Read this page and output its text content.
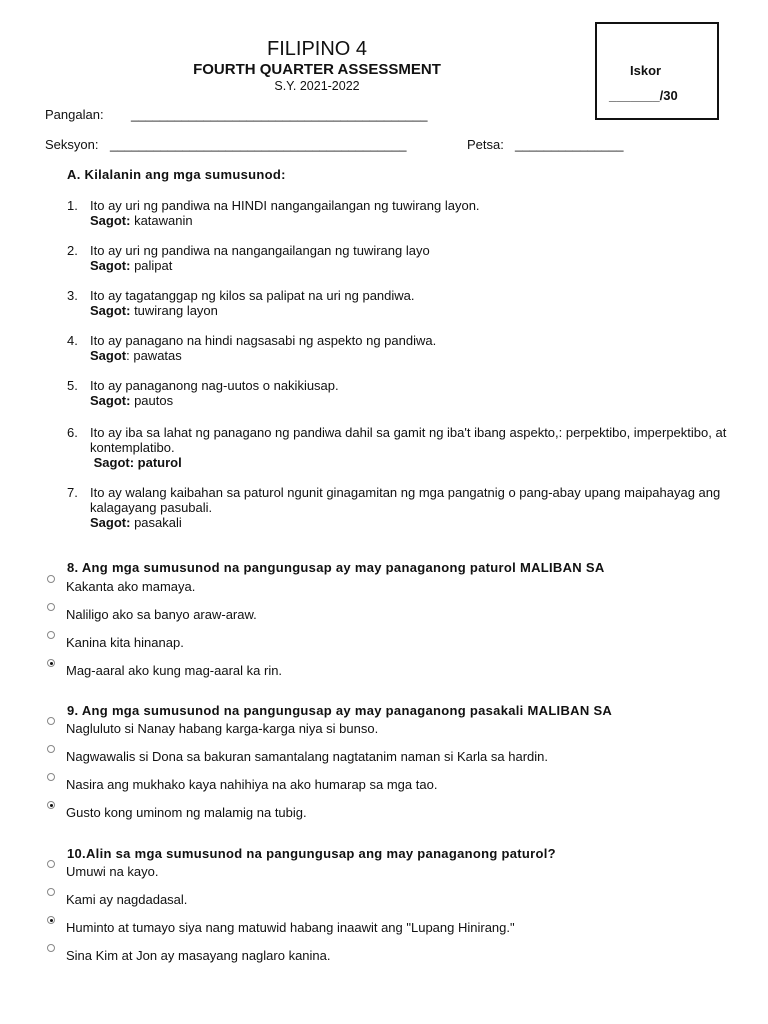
FILIPINO 4
FOURTH QUARTER ASSESSMENT
S.Y. 2021-2022
Iskor
_______/30
Pangalan: _________________________________________
Seksyon: _________________________________________	Petsa: _______________
A. Kilalanin ang mga sumusunod:
1. Ito ay uri ng pandiwa na HINDI nangangailangan ng tuwirang layon.
Sagot: katawanin
2. Ito ay uri ng pandiwa na nangangailangan ng tuwirang layo
Sagot: palipat
3. Ito ay tagatanggap ng kilos sa palipat na uri ng pandiwa.
Sagot: tuwirang layon
4. Ito ay panagano na hindi nagsasabi ng aspekto ng pandiwa.
Sagot: pawatas
5. Ito ay panaganong nag-uutos o nakikiusap.
Sagot: pautos
6. Ito ay iba sa lahat ng panagano ng pandiwa dahil sa gamit ng iba't ibang aspekto,: perpektibo, imperpektibo, at kontemplatibo.
Sagot: paturol
7. Ito ay walang kaibahan sa paturol ngunit ginagamitan ng mga pangatnig o pang-abay upang maipahayag ang kalagayang pasubali.
Sagot: pasakali
8. Ang mga sumusunod na pangungusap ay may panaganong paturol MALIBAN SA
Kakanta ako mamaya.
Naliligo ako sa banyo araw-araw.
Kanina kita hinanap.
Mag-aaral ako kung mag-aaral ka rin.
9. Ang mga sumusunod na pangungusap ay may panaganong pasakali MALIBAN SA
Nagluluto si Nanay habang karga-karga niya si bunso.
Nagwawalis si Dona sa bakuran samantalang nagtatanim naman si Karla sa hardin.
Nasira ang mukhako kaya nahihiya na ako humarap sa mga tao.
Gusto kong uminom ng malamig na tubig.
10.Alin sa mga sumusunod na pangungusap ang may panaganong paturol?
Umuwi na kayo.
Kami ay nagdadasal.
Huminto at tumayo siya nang matuwid habang inaawit ang "Lupang Hinirang."
Sina Kim at Jon ay masayang naglaro kanina.
